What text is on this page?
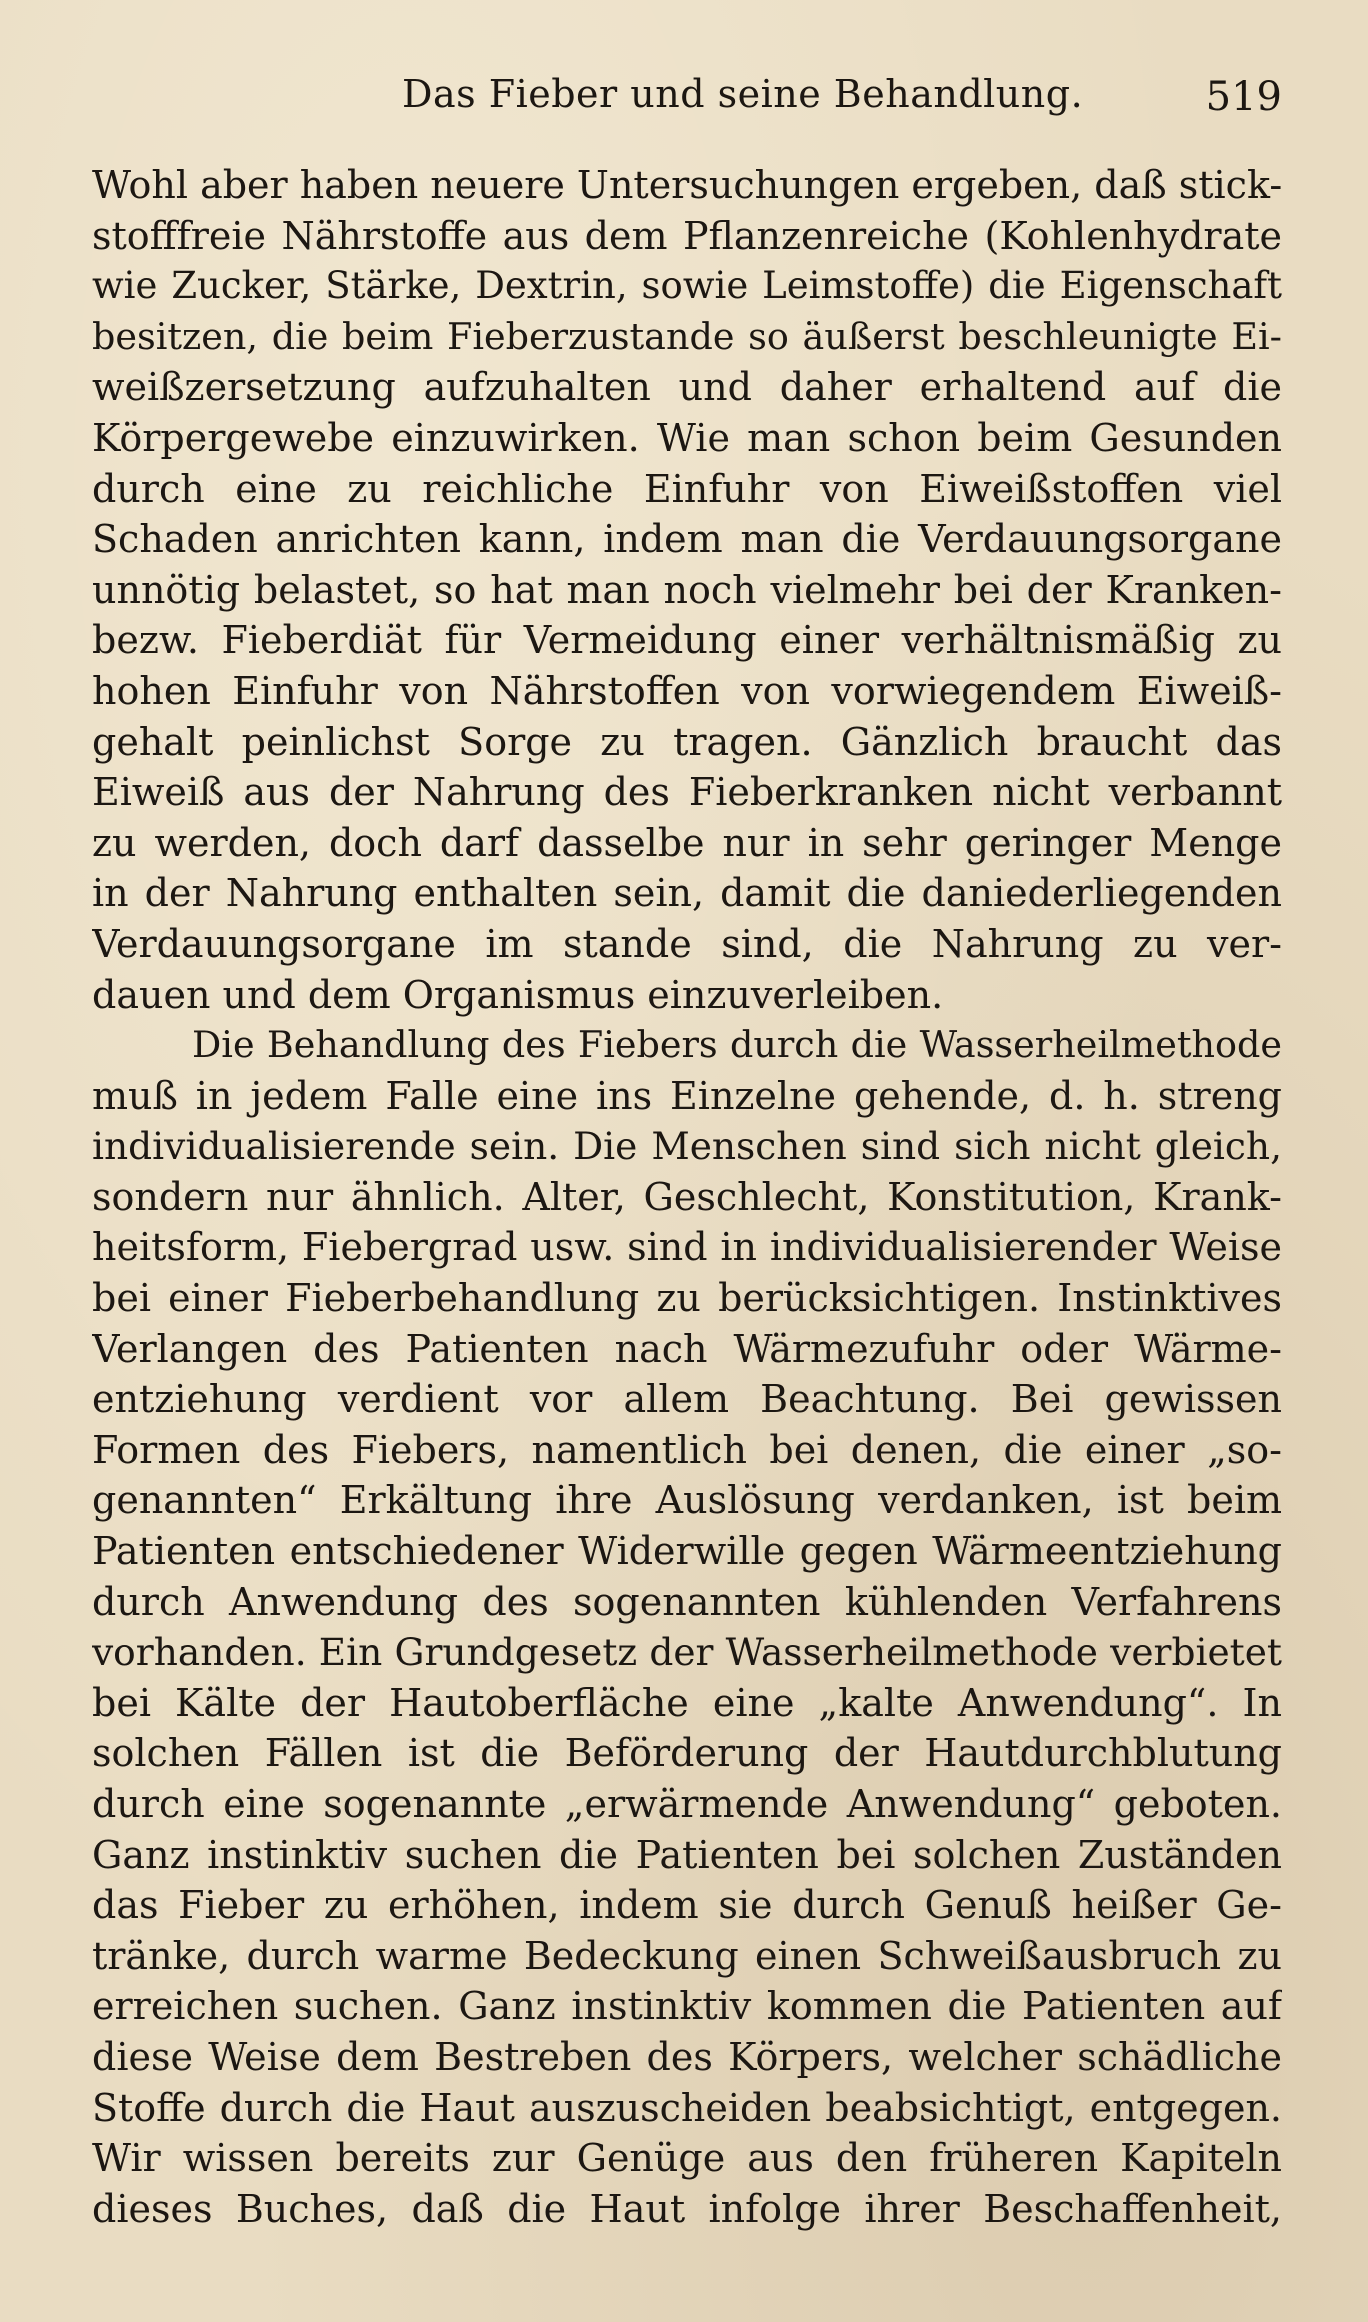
Das Fieber und seine Behandlung.	519
Wohl aber haben neuere Untersuchungen ergeben, daß stick-
stofffreie Nährstoffe aus dem Pflanzenreiche (Kohlenhydrate
wie Zucker, Stärke, Dextrin, sowie Leimstoffe) die Eigenschaft
besitzen, die beim Fieberzustande so äußerst beschleunigte Ei-
weißzersetzung aufzuhalten und daher erhaltend auf die
Körpergewebe einzuwirken. Wie man schon beim Gesunden
durch eine zu reichliche Einfuhr von Eiweißstoffen viel
Schaden anrichten kann, indem man die Verdauungsorgane
unnötig belastet, so hat man noch vielmehr bei der Kranken-
bezw. Fieberdiät für Vermeidung einer verhältnismäßig zu
hohen Einfuhr von Nährstoffen von vorwiegendem Eiweiß-
gehalt peinlichst Sorge zu tragen. Gänzlich braucht das
Eiweiß aus der Nahrung des Fieberkranken nicht verbannt
zu werden, doch darf dasselbe nur in sehr geringer Menge
in der Nahrung enthalten sein, damit die daniederliegenden
Verdauungsorgane im stande sind, die Nahrung zu ver-
dauen und dem Organismus einzuverleiben.
Die Behandlung des Fiebers durch die Wasserheilmethode
muß in jedem Falle eine ins Einzelne gehende, d. h. streng
individualisierende sein. Die Menschen sind sich nicht gleich,
sondern nur ähnlich. Alter, Geschlecht, Konstitution, Krank-
heitsform, Fiebergrad usw. sind in individualisierender Weise
bei einer Fieberbehandlung zu berücksichtigen. Instinktives
Verlangen des Patienten nach Wärmezufuhr oder Wärme-
entziehung verdient vor allem Beachtung. Bei gewissen
Formen des Fiebers, namentlich bei denen, die einer „so-
genannten“ Erkältung ihre Auslösung verdanken, ist beim
Patienten entschiedener Widerwille gegen Wärmeentziehung
durch Anwendung des sogenannten kühlenden Verfahrens
vorhanden. Ein Grundgesetz der Wasserheilmethode verbietet
bei Kälte der Hautoberfläche eine „kalte Anwendung“. In
solchen Fällen ist die Beförderung der Hautdurchblutung
durch eine sogenannte „erwärmende Anwendung“ geboten.
Ganz instinktiv suchen die Patienten bei solchen Zuständen
das Fieber zu erhöhen, indem sie durch Genuß heißer Ge-
tränke, durch warme Bedeckung einen Schweißausbruch zu
erreichen suchen. Ganz instinktiv kommen die Patienten auf
diese Weise dem Bestreben des Körpers, welcher schädliche
Stoffe durch die Haut auszuscheiden beabsichtigt, entgegen.
Wir wissen bereits zur Genüge aus den früheren Kapiteln
dieses Buches, daß die Haut infolge ihrer Beschaffenheit,
